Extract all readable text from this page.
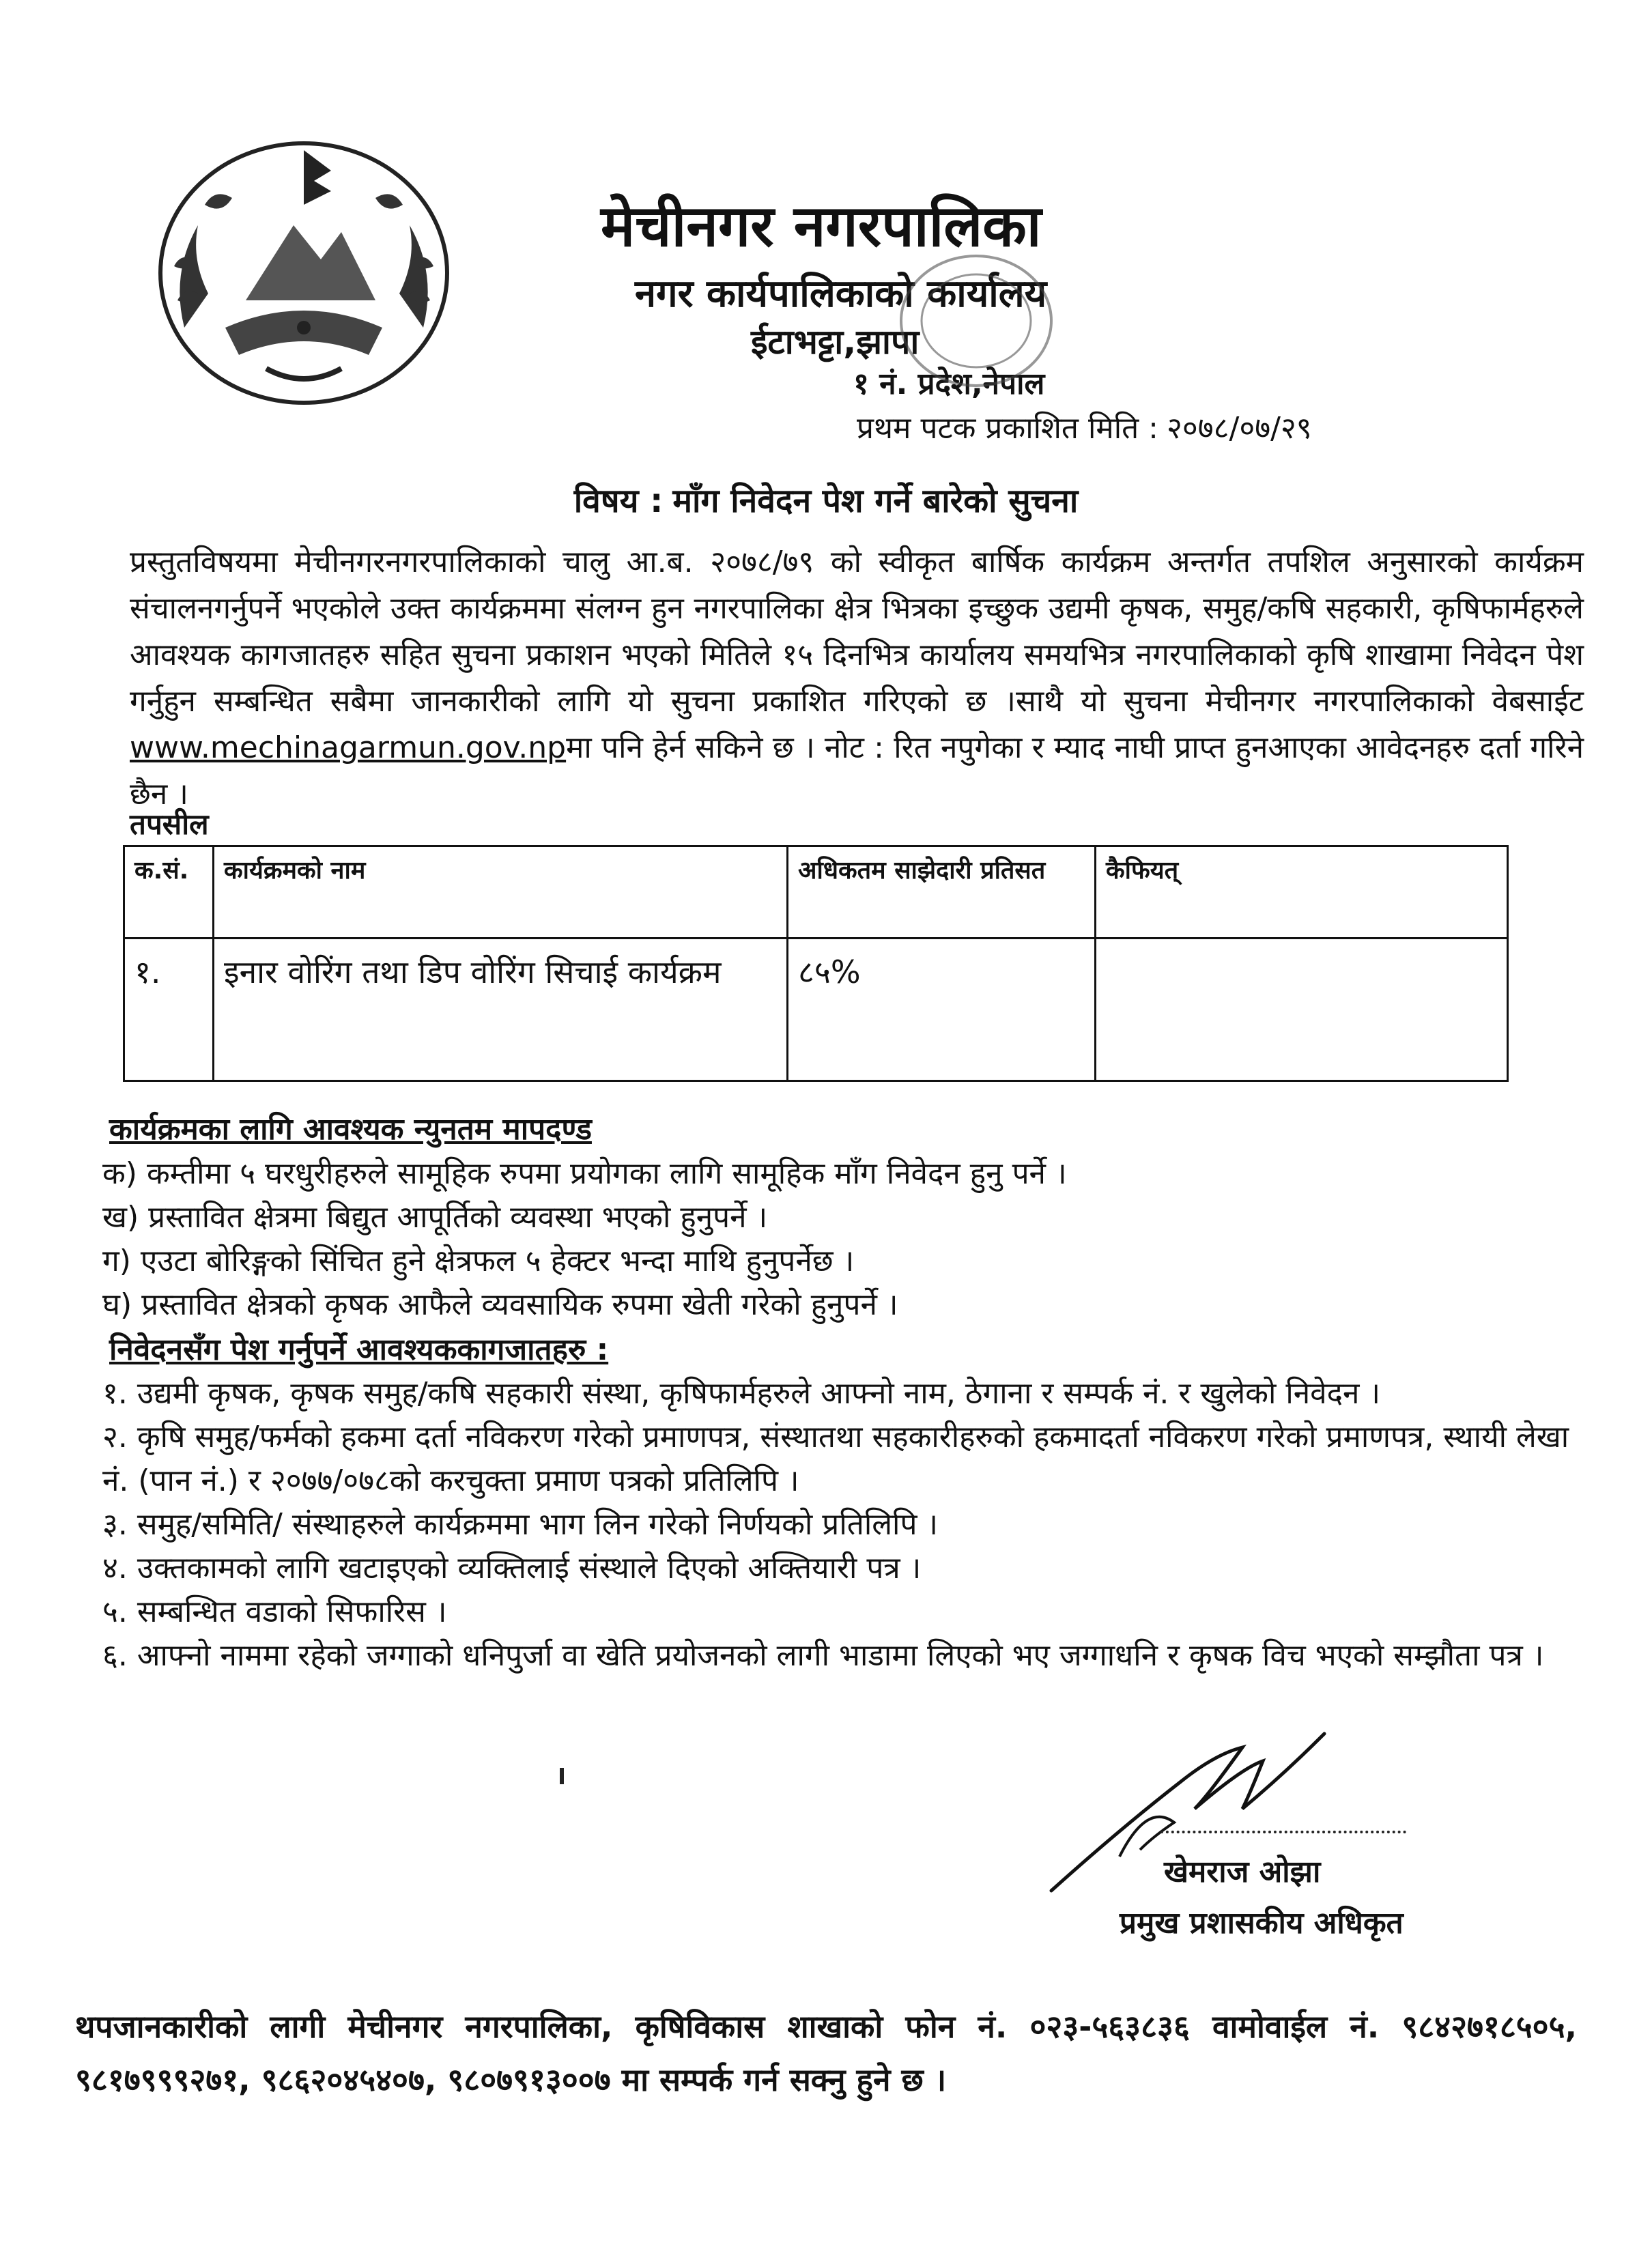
मेचीनगर नगरपालिका
नगर कार्यपालिकाको कार्यालय
ईटाभट्टा,झापा
१ नं. प्रदेश,नेपाल
प्रथम पटक प्रकाशित मिति : २०७८/०७/२९
विषय : माँग निवेदन पेश गर्ने बारेको सुचना
प्रस्तुतविषयमा मेचीनगरनगरपालिकाको चालु आ.ब. २०७८/७९ को स्वीकृत बार्षिक कार्यक्रम अन्तर्गत तपशिल अनुसारको कार्यक्रम संचालनगर्नुपर्ने भएकोले उक्त कार्यक्रममा संलग्न हुन नगरपालिका क्षेत्र भित्रका इच्छुक उद्यमी कृषक, समुह/कषि सहकारी, कृषिफार्महरुले आवश्यक कागजातहरु सहित सुचना प्रकाशन भएको मितिले १५ दिनभित्र कार्यालय समयभित्र नगरपालिकाको कृषि शाखामा निवेदन पेश गर्नुहुन सम्बन्धित सबैमा जानकारीको लागि यो सुचना प्रकाशित गरिएको छ ।साथै यो सुचना मेचीनगर नगरपालिकाको वेबसाईट www.mechinagarmun.gov.npमा पनि हेर्न सकिने छ । नोट : रित नपुगेका र म्याद नाघी प्राप्त हुनआएका आवेदनहरु दर्ता गरिने छैन ।
तपसील
क.सं.	कार्यक्रमको नाम	अधिकतम साझेदारी प्रतिसत	कैफियत्
१.	इनार वोरिंग तथा डिप वोरिंग सिचाई कार्यक्रम	८५%	
कार्यक्रमका लागि आवश्यक न्युनतम मापदण्ड
क) कम्तीमा ५ घरधुरीहरुले सामूहिक रुपमा प्रयोगका लागि सामूहिक माँग निवेदन हुनु पर्ने ।
ख) प्रस्तावित क्षेत्रमा बिद्युत आपूर्तिको व्यवस्था भएको हुनुपर्ने ।
ग) एउटा बोरिङ्गको सिंचित हुने क्षेत्रफल ५ हेक्टर भन्दा माथि हुनुपर्नेछ ।
घ) प्रस्तावित क्षेत्रको कृषक आफैले व्यवसायिक रुपमा खेती गरेको हुनुपर्ने ।
निवेदनसँग पेश गर्नुपर्ने आवश्यककागजातहरु :
१. उद्यमी कृषक, कृषक समुह/कषि सहकारी संस्था, कृषिफार्महरुले आफ्नो नाम, ठेगाना र सम्पर्क नं. र खुलेको निवेदन ।
२. कृषि समुह/फर्मको हकमा दर्ता नविकरण गरेको प्रमाणपत्र, संस्थातथा सहकारीहरुको हकमादर्ता नविकरण गरेको प्रमाणपत्र, स्थायी लेखा नं. (पान नं.) र २०७७/०७८को करचुक्ता प्रमाण पत्रको प्रतिलिपि ।
३. समुह/समिति/ संस्थाहरुले कार्यक्रममा भाग लिन गरेको निर्णयको प्रतिलिपि ।
४. उक्तकामको लागि खटाइएको व्यक्तिलाई संस्थाले दिएको अक्तियारी पत्र ।
५. सम्बन्धित वडाको सिफारिस ।
६. आफ्नो नाममा रहेको जग्गाको धनिपुर्जा वा खेति प्रयोजनको लागी भाडामा लिएको भए जग्गाधनि र कृषक विच भएको सम्झौता पत्र ।
खेमराज ओझा
प्रमुख प्रशासकीय अधिकृत
थपजानकारीको लागी मेचीनगर नगरपालिका, कृषिविकास शाखाको फोन नं. ०२३-५६३८३६ वामोवाईल नं. ९८४२७१८५०५, ९८१७९९९२७१, ९८६२०४५४०७, ९८०७९१३००७ मा सम्पर्क गर्न सक्नु हुने छ ।
